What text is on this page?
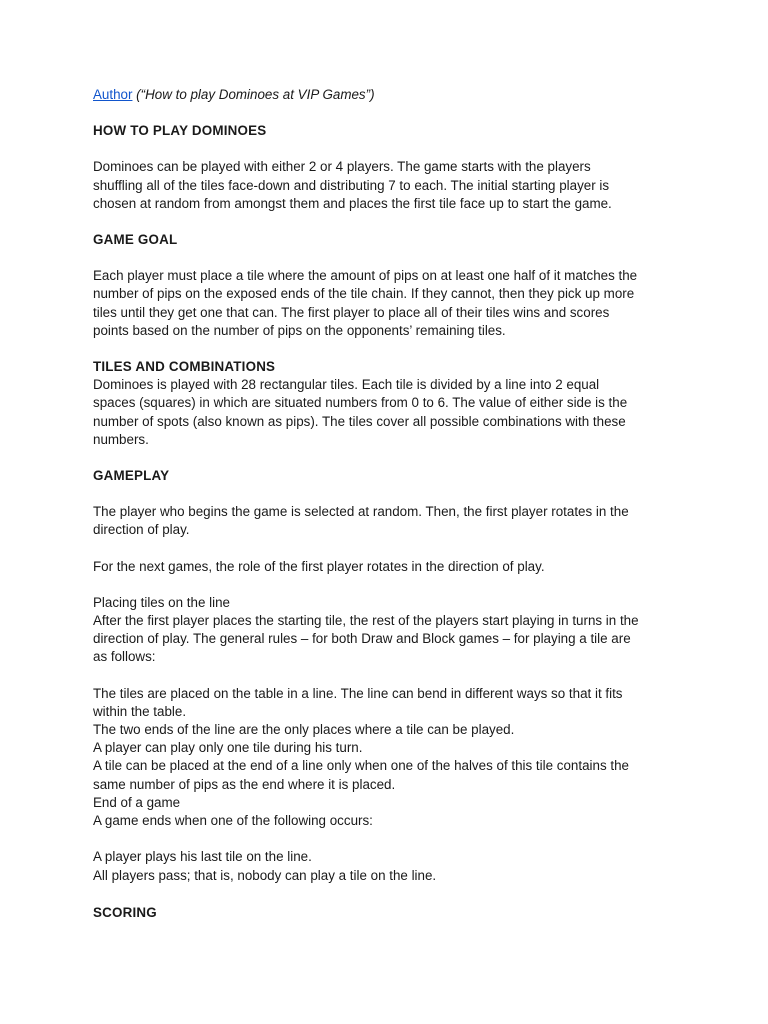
Author (“How to play Dominoes at VIP Games”)
HOW TO PLAY DOMINOES
Dominoes can be played with either 2 or 4 players. The game starts with the players
shuffling all of the tiles face-down and distributing 7 to each. The initial starting player is
chosen at random from amongst them and places the first tile face up to start the game.
GAME GOAL
Each player must place a tile where the amount of pips on at least one half of it matches the
number of pips on the exposed ends of the tile chain. If they cannot, then they pick up more
tiles until they get one that can. The first player to place all of their tiles wins and scores
points based on the number of pips on the opponents’ remaining tiles.
TILES AND COMBINATIONS
Dominoes is played with 28 rectangular tiles. Each tile is divided by a line into 2 equal
spaces (squares) in which are situated numbers from 0 to 6. The value of either side is the
number of spots (also known as pips). The tiles cover all possible combinations with these
numbers.
GAMEPLAY
The player who begins the game is selected at random. Then, the first player rotates in the
direction of play.
For the next games, the role of the first player rotates in the direction of play.
Placing tiles on the line
After the first player places the starting tile, the rest of the players start playing in turns in the
direction of play. The general rules – for both Draw and Block games – for playing a tile are
as follows:
The tiles are placed on the table in a line. The line can bend in different ways so that it fits
within the table.
The two ends of the line are the only places where a tile can be played.
A player can play only one tile during his turn.
A tile can be placed at the end of a line only when one of the halves of this tile contains the
same number of pips as the end where it is placed.
End of a game
A game ends when one of the following occurs:
A player plays his last tile on the line.
All players pass; that is, nobody can play a tile on the line.
SCORING
